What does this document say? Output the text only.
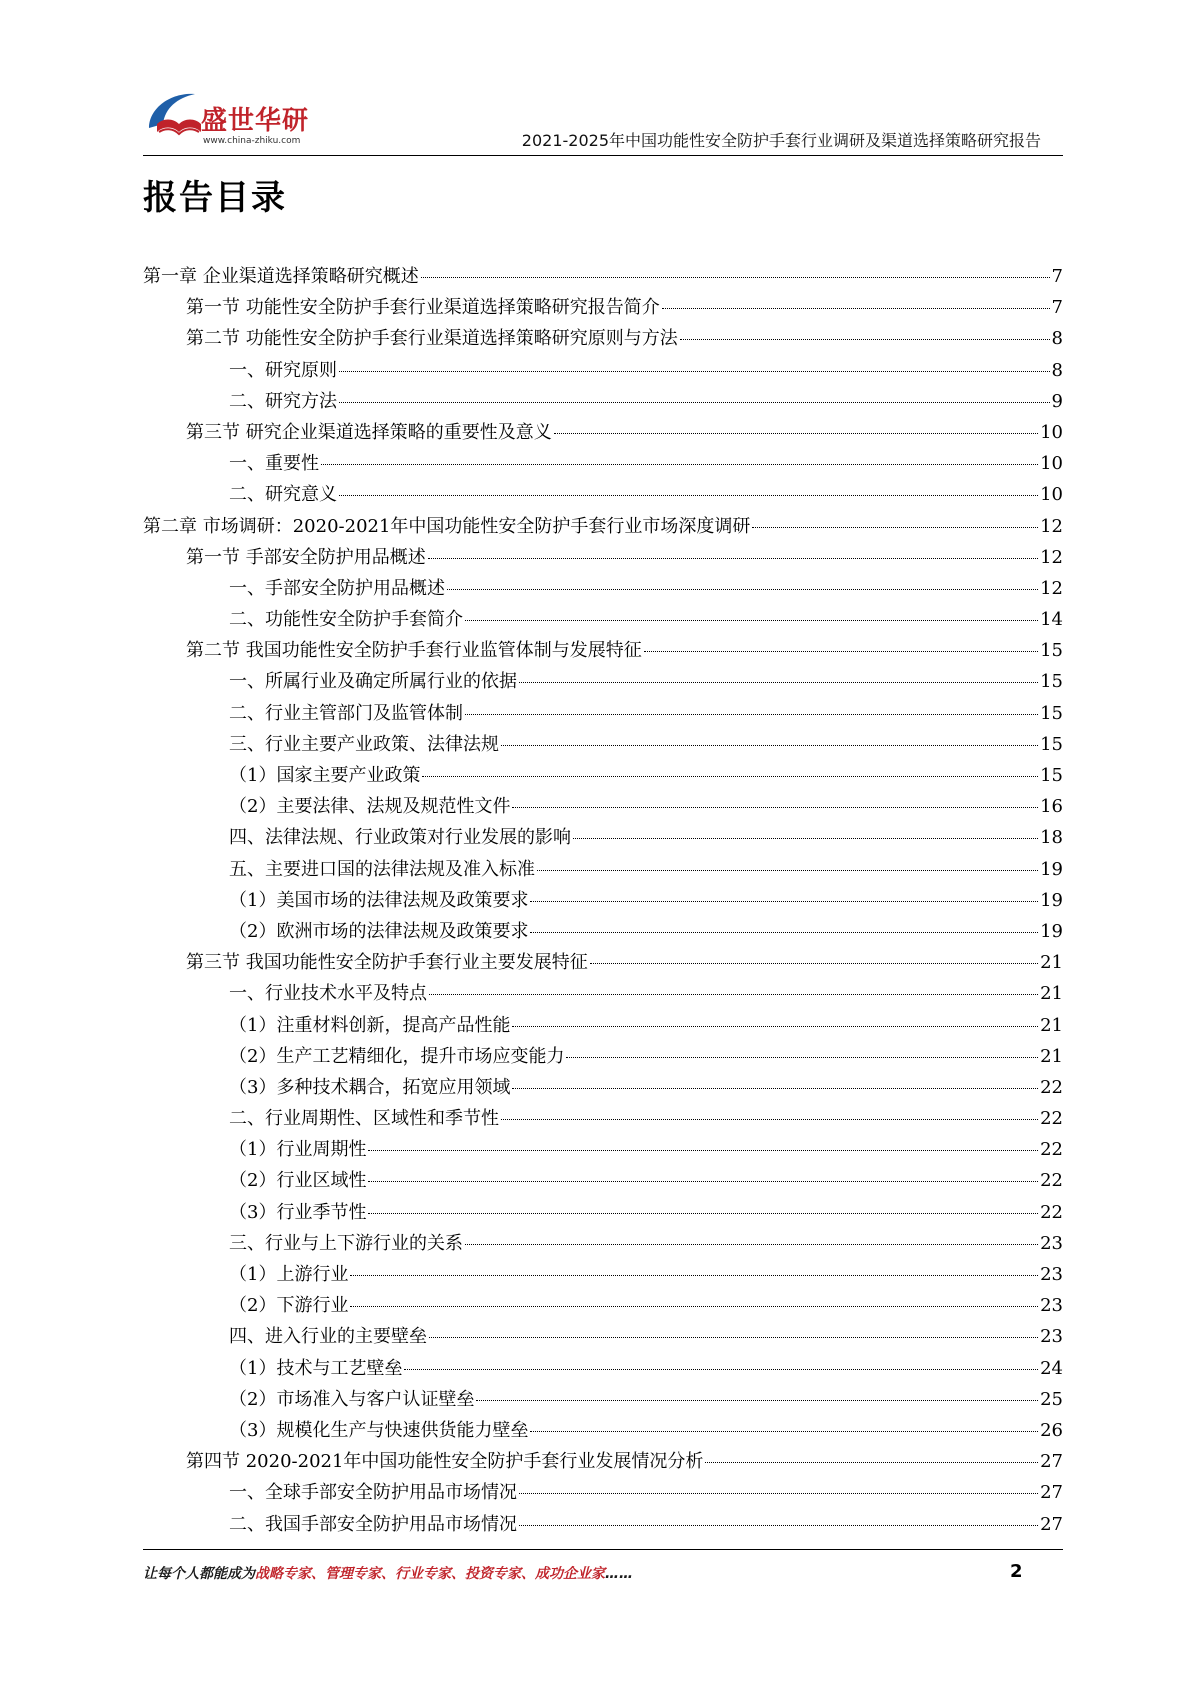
盛世华研
www.china-zhiku.com	2021-2025年中国功能性安全防护手套行业调研及渠道选择策略研究报告
报告目录
第一章 企业渠道选择策略研究概述	7
第一节 功能性安全防护手套行业渠道选择策略研究报告简介	7
第二节 功能性安全防护手套行业渠道选择策略研究原则与方法	8
一、研究原则	8
二、研究方法	9
第三节 研究企业渠道选择策略的重要性及意义	10
一、重要性	10
二、研究意义	10
第二章 市场调研：2020-2021年中国功能性安全防护手套行业市场深度调研	12
第一节 手部安全防护用品概述	12
一、手部安全防护用品概述	12
二、功能性安全防护手套简介	14
第二节 我国功能性安全防护手套行业监管体制与发展特征	15
一、所属行业及确定所属行业的依据	15
二、行业主管部门及监管体制	15
三、行业主要产业政策、法律法规	15
（1）国家主要产业政策	15
（2）主要法律、法规及规范性文件	16
四、法律法规、行业政策对行业发展的影响	18
五、主要进口国的法律法规及准入标准	19
（1）美国市场的法律法规及政策要求	19
（2）欧洲市场的法律法规及政策要求	19
第三节 我国功能性安全防护手套行业主要发展特征	21
一、行业技术水平及特点	21
（1）注重材料创新，提高产品性能	21
（2）生产工艺精细化，提升市场应变能力	21
（3）多种技术耦合，拓宽应用领域	22
二、行业周期性、区域性和季节性	22
（1）行业周期性	22
（2）行业区域性	22
（3）行业季节性	22
三、行业与上下游行业的关系	23
（1）上游行业	23
（2）下游行业	23
四、进入行业的主要壁垒	23
（1）技术与工艺壁垒	24
（2）市场准入与客户认证壁垒	25
（3）规模化生产与快速供货能力壁垒	26
第四节 2020-2021年中国功能性安全防护手套行业发展情况分析	27
一、全球手部安全防护用品市场情况	27
二、我国手部安全防护用品市场情况	27
让每个人都能成为战略专家、管理专家、行业专家、投资专家、成功企业家……	2
